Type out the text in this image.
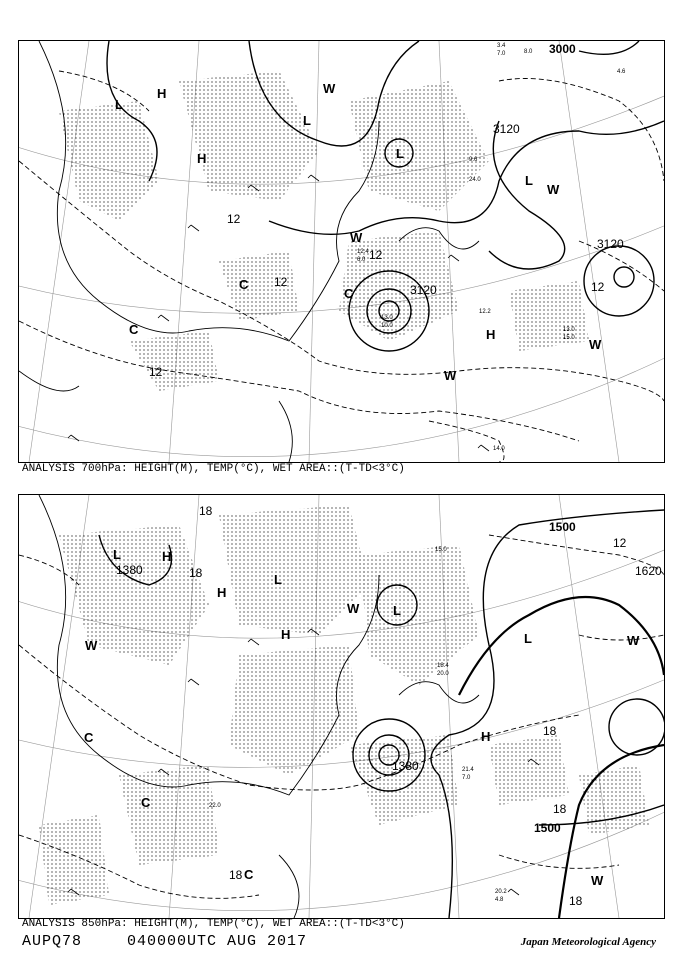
H
H
H
L
L
L
L
C
C
C
W
W
W
W
W
3000
3120
3120
3120
12
12
12
12
12
13.0
10.0
12.2
14.0
13.0
15.0
4.6
8.0
9.6
24.0
12.4
6.0
3.4
7.0
ANALYSIS 700hPa: HEIGHT(M), TEMP(°C), WET AREA::(T-TD<3°C)
H
H
H
H
L
L
L
L
C
C
C
W	W
W
W
1500
1500
1380
1380
1620
18
18
18
18
18
18
12
21.4
7.0
20.2
4.8
18.4
20.0
15.0
22.0
ANALYSIS 850hPa: HEIGHT(M), TEMP(°C), WET AREA::(T-TD<3°C)
AUPQ78	040000UTC AUG 2017	Japan Meteorological Agency
